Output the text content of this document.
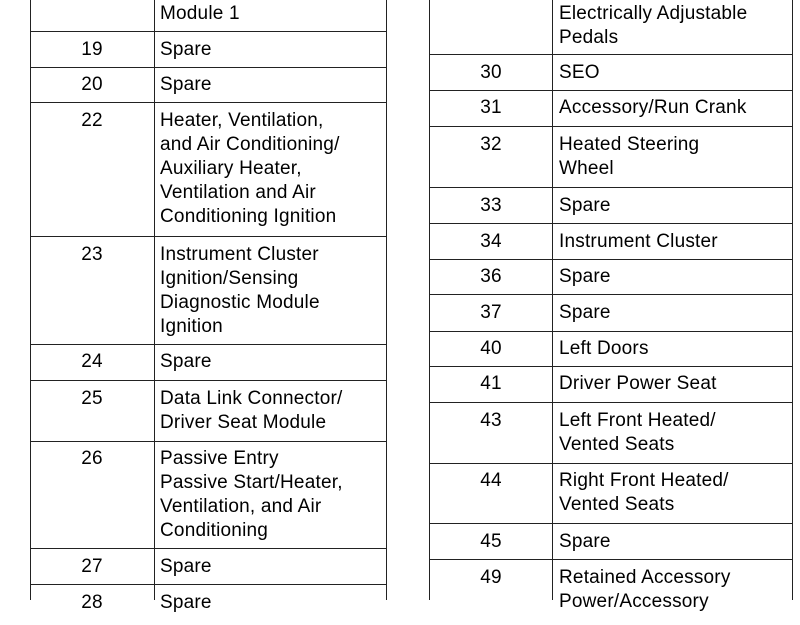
Module 1
19	Spare
20	Spare
22	Heater, Ventilation,
and Air Conditioning/
Auxiliary Heater,
Ventilation and Air
Conditioning Ignition
23	Instrument Cluster
Ignition/Sensing
Diagnostic Module
Ignition
24	Spare
25	Data Link Connector/
Driver Seat Module
26	Passive Entry
Passive Start/Heater,
Ventilation, and Air
Conditioning
27	Spare
28	Spare
Electrically Adjustable
Pedals
30	SEO
31	Accessory/Run Crank
32	Heated Steering
Wheel
33	Spare
34	Instrument Cluster
36	Spare
37	Spare
40	Left Doors
41	Driver Power Seat
43	Left Front Heated/
Vented Seats
44	Right Front Heated/
Vented Seats
45	Spare
49	Retained Accessory
Power/Accessory
